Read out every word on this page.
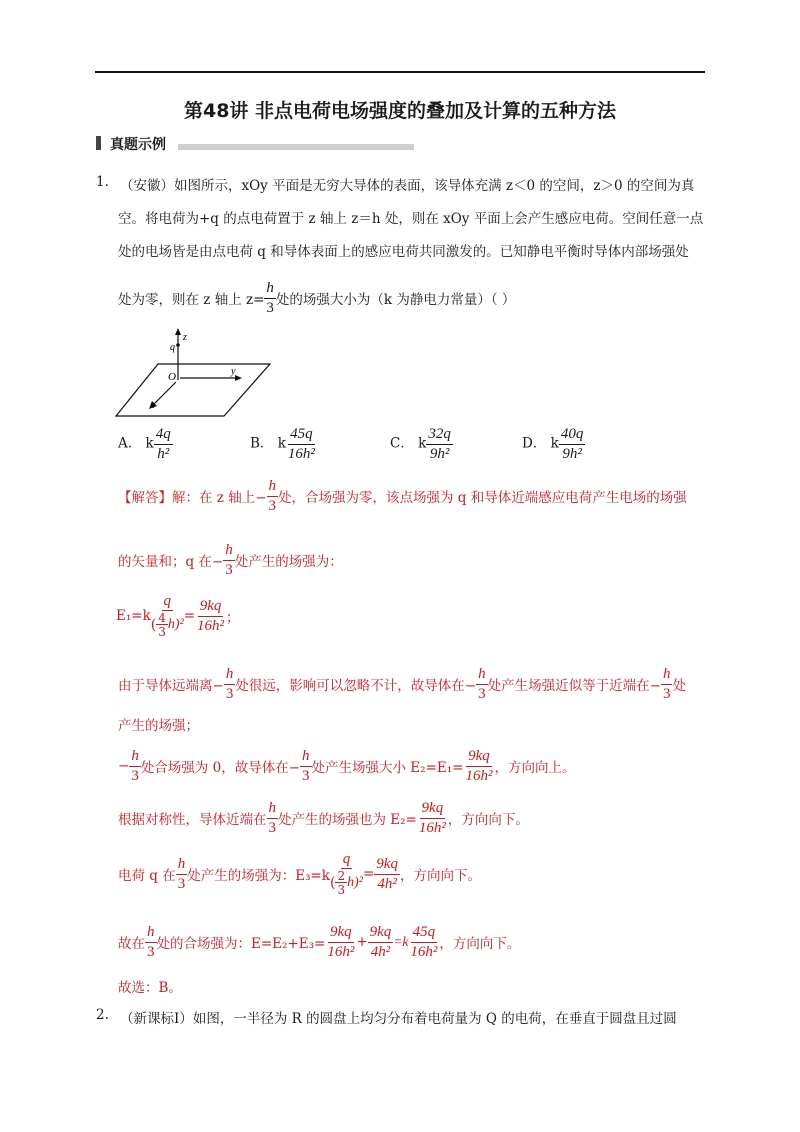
第48讲 非点电荷电场强度的叠加及计算的五种方法
真题示例
1. （安徽）如图所示，xOy 平面是无穷大导体的表面，该导体充满 z＜0 的空间，z＞0 的空间为真
空。将电荷为+q 的点电荷置于 z 轴上 z＝h 处，则在 xOy 平面上会产生感应电荷。空间任意一点
处的电场皆是由点电荷 q 和导体表面上的感应电荷共同激发的。已知静电平衡时导体内部场强处
处为零，则在 z 轴上 $z= \frac{h}{3}$ 处的场强大小为（k 为静电力常量）（ ）
q
z
O	y
x
A． k $\frac{4q}{\text{h²}}$	B． k $\frac{45q}{\text{16h²}}$	C． k $\frac{32q}{\text{9h²}}$	D． k $\frac{40q}{\text{9h²}}$
【解答】 解：在 z 轴上− $\frac{h}{3}$ 处，合场强为零，该点场强为 q 和导体近端感应电荷产生电场的场强
的矢量和；q 在− $\frac{h}{3}$ 处产生的场强为：
$E_1=k \frac{q}{( \frac{4}{3} h)^2} = \frac{9kq}{\text{16h²}}$ ；
由于导体远端离− $\frac{h}{3}$ 处很远，影响可以忽略不计，故导体在− $\frac{h}{3}$ 处产生场强近似等于近端在− $\frac{h}{3}$ 处
产生的场强；
− $\frac{h}{3}$ 处合场强为 0，故导体在− $\frac{h}{3}$ 处产生场强大小 $E_2=E_1= \frac{9kq}{\text{16h²}}$ ，方向向上。
根据对称性，导体近端在 $\frac{h}{3}$ 处产生的场强也为 $E_2= \frac{9kq}{\text{16h²}}$ ，方向向下。
电荷 q 在 $\frac{h}{3}$ 处产生的场强为：$E_3=k \frac{q}{( \frac{2}{3} h)^2} = \frac{9kq}{\text{4h²}}$ ，方向向下。
故在 $\frac{h}{3}$ 处的合场强为：$E=E_2+E_3= \frac{9kq}{\text{16h²}} + \frac{9kq}{\text{4h²}} =k \frac{45q}{\text{16h²}}$ ，方向向下。
故选：B。
2. （新课标Ⅰ）如图，一半径为 R 的圆盘上均匀分布着电荷量为 Q 的电荷，在垂直于圆盘且过圆
